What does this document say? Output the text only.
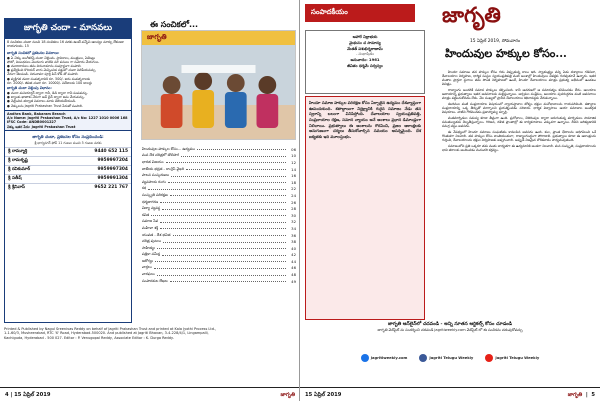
జాగృతి చందా - మానవలు
8 సంచికలు చందా నుంచి 18 సంచికలు 16 వరకు ఉంటే వచ్చేవి ఆలస్యం మార్పు లేకుండా రాయగలదు. 15
జాగృతి సంచికలో ప్రకటనల వివరాలు:
● ఏ చెక్కు అంగీకరిస్తే చందా చెల్లించు. స్థానికాలు, మంత్రులు, ఏజెంట్లు
ఫోటో, నిబంధనలు మొదలగు వాటిని మా పనులు గా నమోదు చేయగలం.
● చందాదారులు తమ చిరునామాను సంపూర్ణంగా పంపాలి.
● ప్రత్యేకించి కొరియర్ వారు మెప్పించిన పక్షంలో చందా నిలిపేయవచ్చు
నేరుగా తెలపండి. చిరునామా పూర్తి పిన్ కోడ్ తో పంపాలి.
● వ్యక్తిగత చందా సంవత్సరానికి రూ. 500/- ఐదు సంవత్సరాలకు
రూ. 2000/- జీవిత చందా రూ. 10000/- విదేశాలకు 100 డాలర్లు
జాగృతి చందా చెల్లింపు విధానం:
● చందా మనియార్డర్ ద్వారా గానీ, డిడి ద్వారా గానీ పంపవచ్చు.
● బ్యాంకు ఖాతాకు నేరుగా ఆన్ లైన్ ద్వారా జమ చేయవచ్చు.
● చెల్లించిన తర్వాత వివరాలు మాకు తెలియజేయండి.
● చెక్కులను Jagriti Prakashan Trust పేరుతో పంపాలి.
Andhra Bank, Bakaram Branch
A/c Name: Jagriti Prakashan Trust, A/c No: 1227 1010 0006 168
IFSC Code: ANDB0001227
చెక్కు ఇతర పేరు: Jagriti Prakashan Trust
జాగృతి చందా, ప్రకటనల కోసం సంప్రదించండి:
శ్రీ భాగ్యనగర్ ఫోన్ 11 గంటల నుంచి 5 గంటల వరకు
శ్రీ రామ్మూర్తి	9440 652 115
శ్రీ రామకృష్ణ	9959997204
శ్రీ రవికుమార్	9959997304
శ్రీ సతీష్	9959991304
శ్రీ శ్రీనివాస్	9652 221 767
ఈ సంచికలో...
జాగృతి
హిందువుల హక్కుల కోసం... ఉద్యమం	06
మన దేశ చరిత్రలో తొలిసారి	10
భారత విజయం	12
జాతీయ భద్రత - కాంగ్రెస్ వైఖరి	14
పాలన సంస్కరణలు	16
వ్యవసాయ రంగం	18
కథ	22
సంస్కృతి పరిరక్షణ	24
ధర్మజాగరణ	26
విద్యా వ్యవస్థ	28
కవిత	30
సమాజ సేవ	32
మహిళా శక్తి	34
యువత - దేశ భవిత	36
చరిత్ర పుటలు	38
సాహిత్యం	40
పత్రికా సమీక్ష	42
ఆరోగ్యం	44
వార్తలు	46
వారఫలం	48
సంపాదకుల లేఖలు	49
Printed & Published by Nagul Sreenivas Reddy on behalf of Jagriti Prakashan Trust and printed at Kala Jyothi Process Ltd.,
1-1-60/3, Musheerabad, RTC 'X' Road, Hyderabad-500020. And published at Jagriti Bhavan, 3-4-228/4/1, Lingampalli,
Kachiguda, Hyderabad - 500 027. Editor : P. Venugopal Reddy, Associate Editor : K. Durga Reddy.
4 | 15 ఏప్రిల్ 2019	జాగృతి
సంపాదకీయం	జాగృతి
15 ఏప్రిల్ 2019, సోమవారం
హిందువుల హక్కుల కోసం...
ఆహారే నిద్రాభయ
మైథునం చ సామాన్య
మేతత్ పశుభిర్నరాణామ్
- సుభాషితం
అనువాదం: 1961
జీవితం ధర్మమే సర్వస్వం

హిందూ సమాజ హక్కుల పరిరక్షణ కోసం ఏర్పాటైన ఉద్యమం దేశవ్యాప్తంగా ఊపందుకుంది. శతాబ్దాలుగా నిర్లక్ష్యానికి గురైన సమాజం నేడు తన స్వరాన్ని బలంగా వినిపిస్తోంది. దేవాలయాల స్వయంప్రతిపత్తి, సంప్రదాయాల రక్షణ, సమాన న్యాయం అనే అంశాలు ప్రధాన డిమాండ్లుగా నిలిచాయి. ప్రభుత్వాలు ఈ అంశాలను గౌరవించి, ప్రజల ఆకాంక్షలకు అనుగుణంగా చర్యలు తీసుకోవాల్సిన సమయం ఆసన్నమైంది. దేశ ఐక్యతకు ఇది మూలస్తంభం.

హిందూ సమాజం తన హక్కుల కోసం గళం విప్పుతున్న కాలం ఇది. స్వాతంత్ర్యం వచ్చి ఏడు దశాబ్దాలు గడిచినా, దేవాలయాల నిర్వహణ, ధార్మిక సంస్థల స్వయంప్రతిపత్తి వంటి అంశాల్లో హిందువులు వివక్షకు గురవుతూనే ఉన్నారు. ఇతర మతాల ప్రార్థనా స్థలాలు తమ సొంత నిర్వహణలో ఉంటే, హిందూ దేవాలయాలు మాత్రం ప్రభుత్వ అధీనంలో ఉండటం విచిత్రం.

రాజ్యాంగం అందరికీ సమాన హక్కులు కల్పించింది. కానీ ఆచరణలో ఆ సమానత్వం కనిపించడం లేదు. ఆలయాల ఆదాయాన్ని ప్రభుత్వాలు ఇతర అవసరాలకు మళ్లిస్తున్నాయి. అర్చకుల సంక్షేమం, ఆలయాల పునరుద్ధరణ వంటి అవసరాలు మాత్రం పట్టించుకోవడం లేదు. వేల సంఖ్యలో ప్రాచీన దేవాలయాలు శిథిలావస్థకు చేరుకున్నాయి.

శబరిమల వంటి సంప్రదాయాల విషయంలో న్యాయస్థానాల జోక్యం భక్తుల మనోభావాలను గాయపరిచింది. శతాబ్దాల సంప్రదాయాన్ని ఒక్క తీర్పుతో మార్చాలని ప్రయత్నించడం సరికాదు. ధార్మిక విశ్వాసాలు ఆయా సమాజాల అంతర్గత విషయాలు. వాటిని గౌరవించడం ప్రజాస్వామ్య స్ఫూర్తి.

మతమార్పిడుల సమస్య కూడా తీవ్రంగా ఉంది. ప్రలోభాలు, బెదిరింపుల ద్వారా జరుగుతున్న మార్పిడులు సామాజిక సమతుల్యతను దెబ్బతీస్తున్నాయి. గిరిజన, దళిత ప్రాంతాల్లో ఈ కార్యకలాపాలు ఎక్కువగా ఉన్నాయి. దీనిని అరికట్టడానికి సమగ్ర చట్టం అవసరం.

ఈ నేపథ్యంలో హిందూ సమాజం సంఘటితం కావలసిన అవసరం ఉంది. కుల, ప్రాంత భేదాలను అధిగమించి ఒకే గొంతుకగా నిలవాలి. తన హక్కుల కోసం శాంతియుతంగా, రాజ్యాంగబద్ధంగా పోరాడాలి. ప్రభుత్వాలు కూడా ఈ ఆకాంక్షలను గుర్తించి, దేవాలయాలను భక్తుల నిర్వహణకు అప్పగించాలి. అప్పుడే నిజమైన లౌకికవాదం సాధ్యమవుతుంది.

సమాజంలోని ప్రతి ఒక్కరూ తమ వంతు బాధ్యతగా ఈ ఉద్యమానికి అండగా నిలవాలి. మన సంస్కృతి, సంప్రదాయాలను భావి తరాలకు అందించడం మనందరి కర్తవ్యం.

జాగృతి ఆన్‌లైన్‌లో చదవండి - అన్ని నూతన ఆర్టికల్స్ కోసం చూడండి
జాగృతి వెబ్‌సైట్ ను సందర్శించి చదవండి jagritiweekly.com వెబ్‌సైట్ లో ఈ సంచికను చదువుకోవచ్చు
jagritiweekly.com	Jagriti Telugu Weekly	Jagriti Telugu Weekly
15 ఏప్రిల్ 2019	జాగృతి  |  5
